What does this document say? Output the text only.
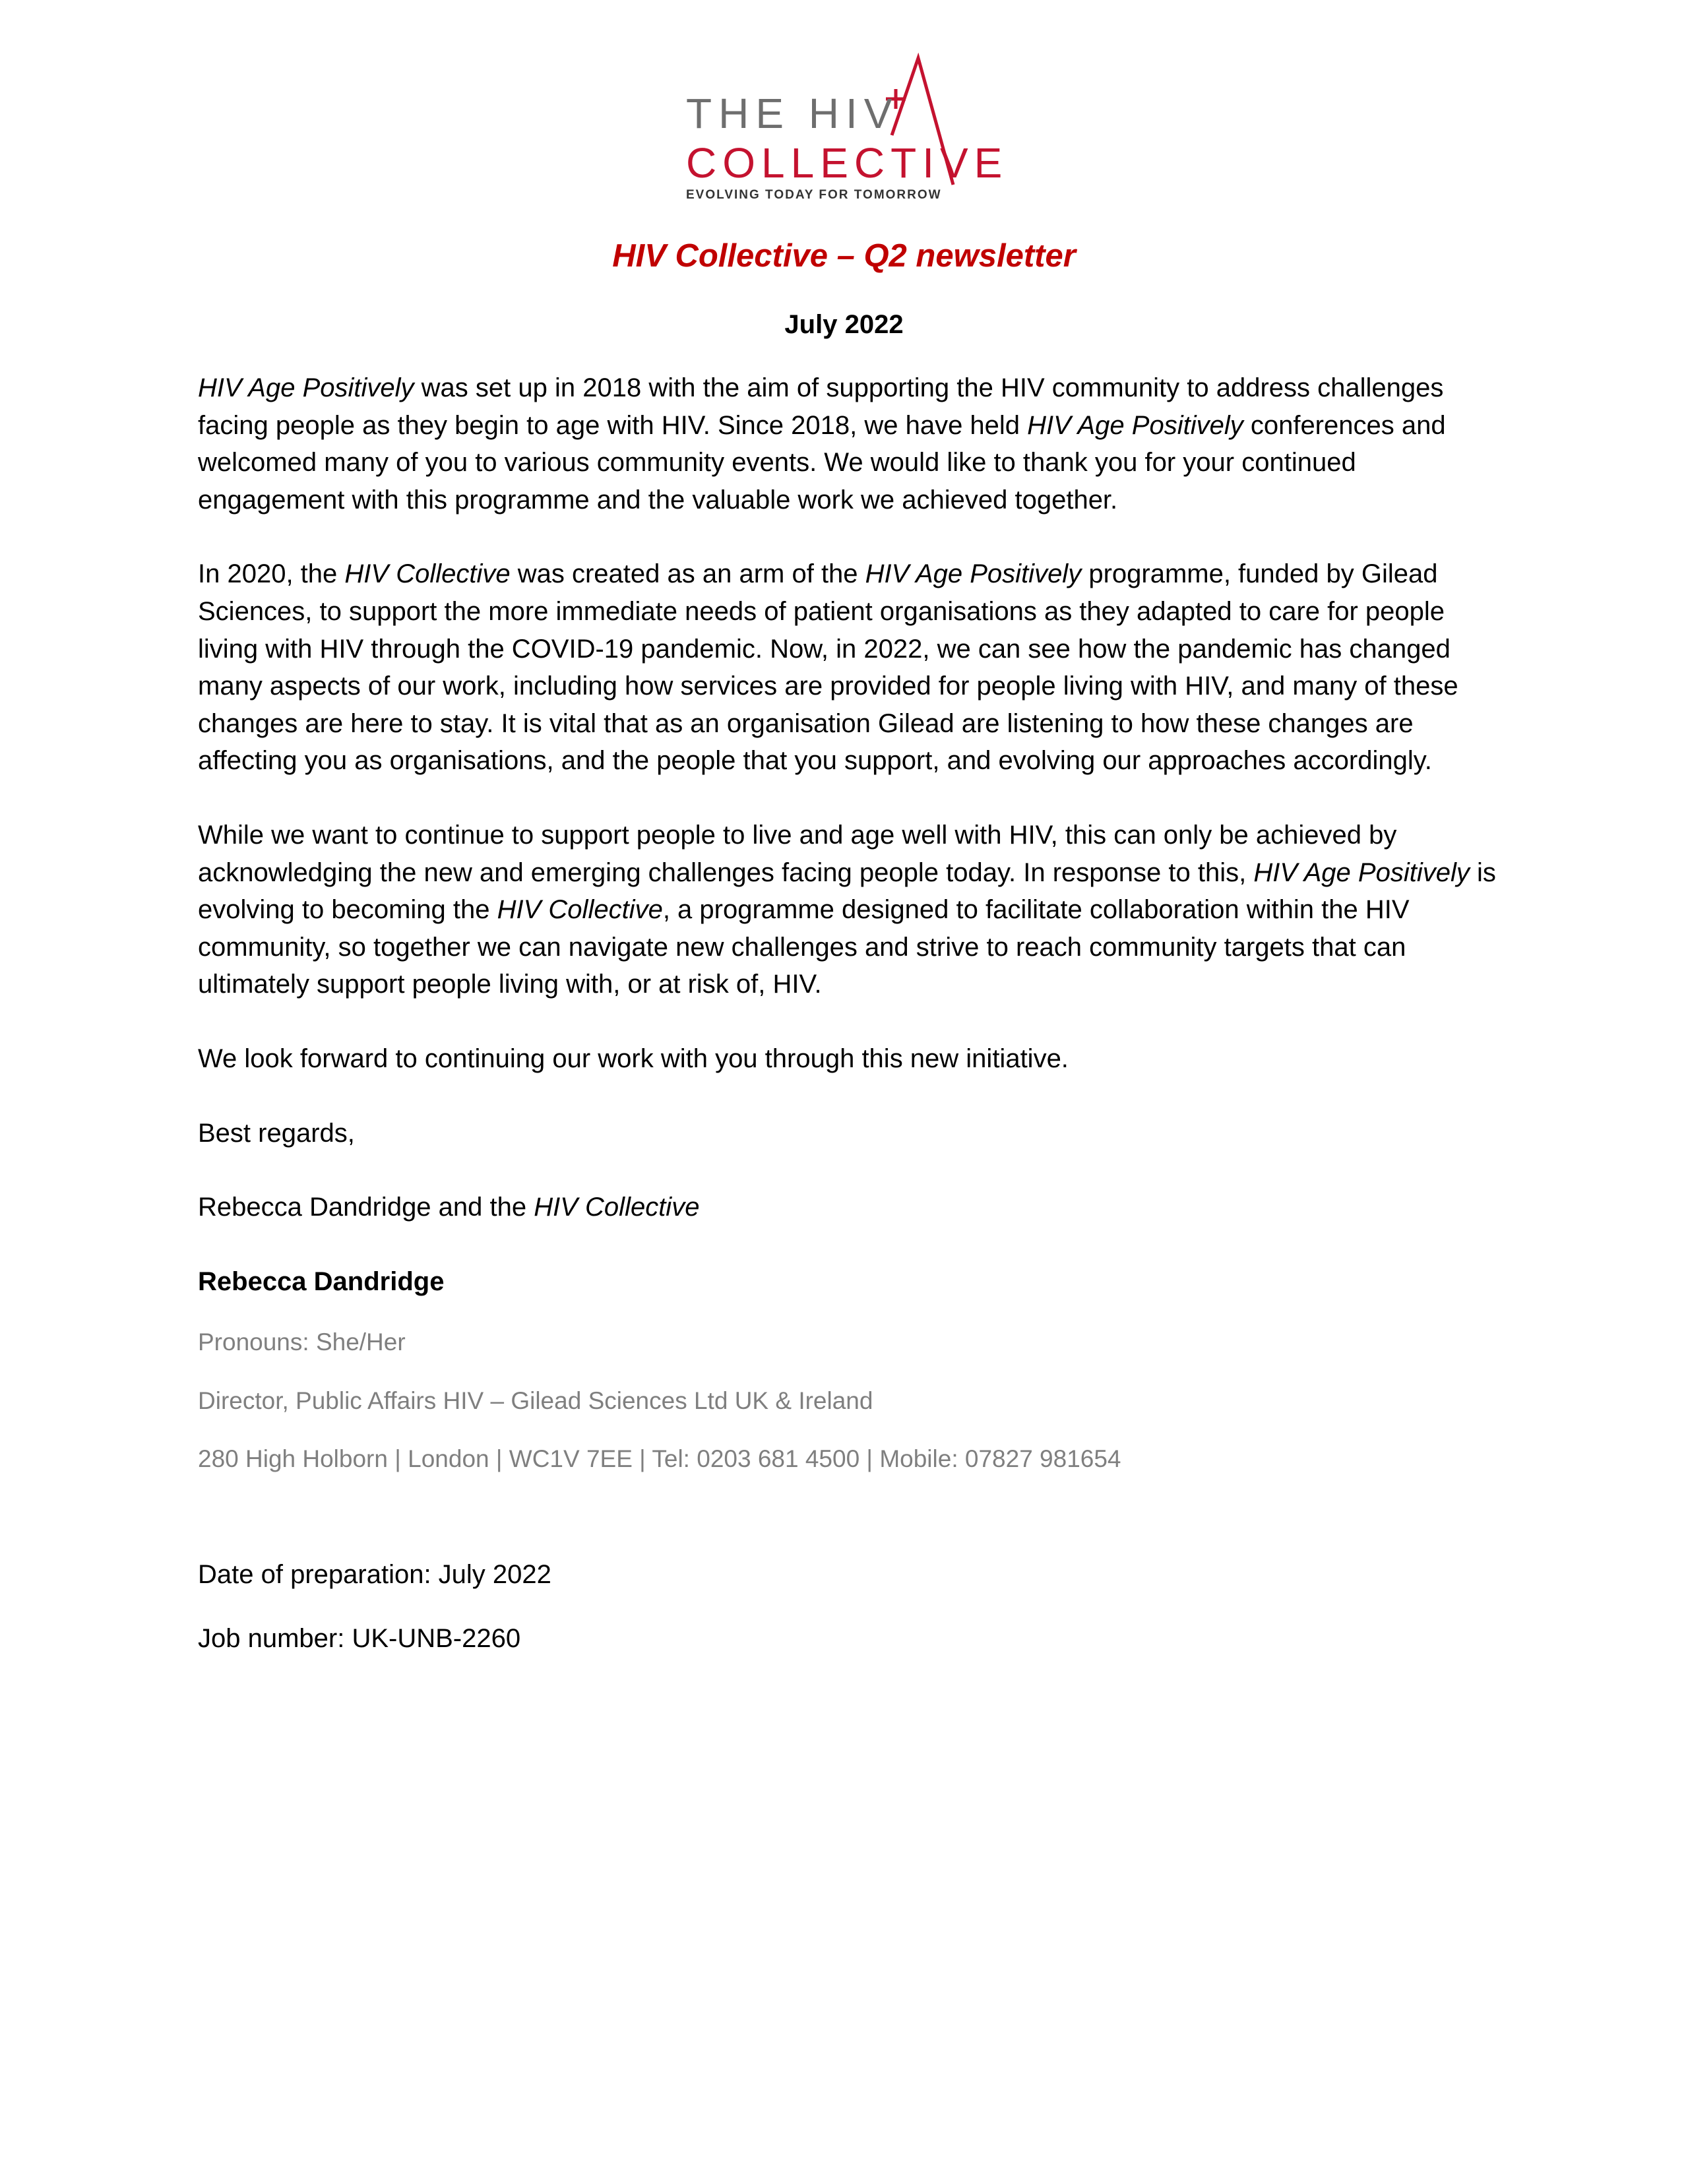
THE HIV
COLLECTIVE
EVOLVING TODAY FOR TOMORROW
HIV Collective – Q2 newsletter
July 2022

HIV Age Positively was set up in 2018 with the aim of supporting the HIV community to address challenges facing people as they begin to age with HIV. Since 2018, we have held HIV Age Positively conferences and welcomed many of you to various community events. We would like to thank you for your continued engagement with this programme and the valuable work we achieved together.

In 2020, the HIV Collective was created as an arm of the HIV Age Positively programme, funded by Gilead Sciences, to support the more immediate needs of patient organisations as they adapted to care for people living with HIV through the COVID-19 pandemic. Now, in 2022, we can see how the pandemic has changed many aspects of our work, including how services are provided for people living with HIV, and many of these changes are here to stay. It is vital that as an organisation Gilead are listening to how these changes are affecting you as organisations, and the people that you support, and evolving our approaches accordingly.

While we want to continue to support people to live and age well with HIV, this can only be achieved by acknowledging the new and emerging challenges facing people today. In response to this, HIV Age Positively is evolving to becoming the HIV Collective, a programme designed to facilitate collaboration within the HIV community, so together we can navigate new challenges and strive to reach community targets that can ultimately support people living with, or at risk of, HIV.

We look forward to continuing our work with you through this new initiative.

Best regards,

Rebecca Dandridge and the HIV Collective

Rebecca Dandridge

Pronouns: She/Her

Director, Public Affairs HIV – Gilead Sciences Ltd UK & Ireland

280 High Holborn | London | WC1V 7EE | Tel: 0203 681 4500 | Mobile: 07827 981654

Date of preparation: July 2022

Job number: UK-UNB-2260
